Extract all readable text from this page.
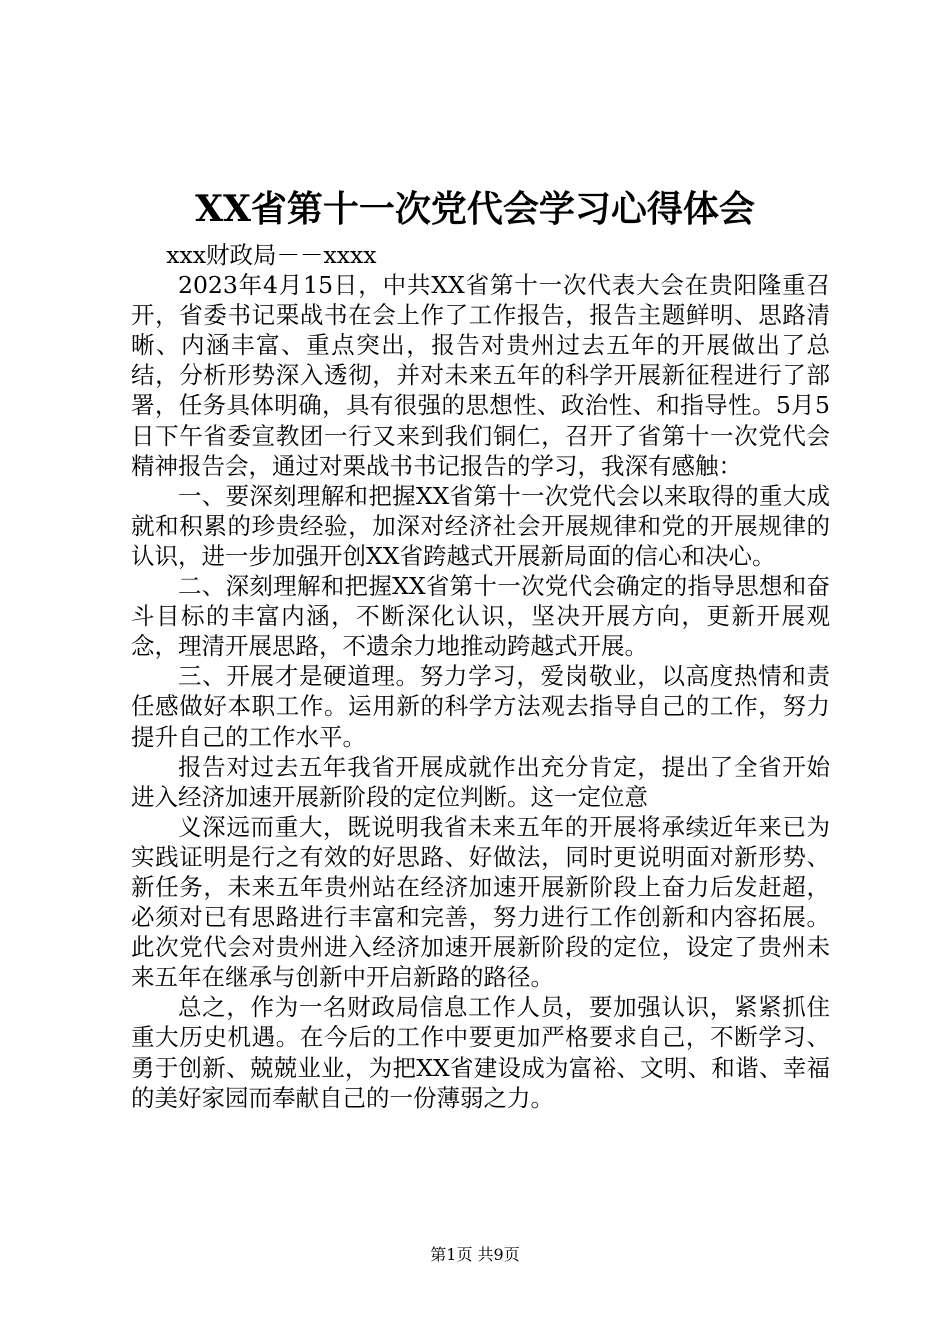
XX省第十一次党代会学习心得体会

xxx财政局－－xxxx

2023年4月15日，中共XX省第十一次代表大会在贵阳隆重召开，省委书记栗战书在会上作了工作报告，报告主题鲜明、思路清晰、内涵丰富、重点突出，报告对贵州过去五年的开展做出了总结，分析形势深入透彻，并对未来五年的科学开展新征程进行了部署，任务具体明确，具有很强的思想性、政治性、和指导性。5月5日下午省委宣教团一行又来到我们铜仁，召开了省第十一次党代会精神报告会，通过对栗战书书记报告的学习，我深有感触：

一、要深刻理解和把握XX省第十一次党代会以来取得的重大成就和积累的珍贵经验，加深对经济社会开展规律和党的开展规律的认识，进一步加强开创XX省跨越式开展新局面的信心和决心。

二、深刻理解和把握XX省第十一次党代会确定的指导思想和奋斗目标的丰富内涵，不断深化认识，坚决开展方向，更新开展观念，理清开展思路，不遗余力地推动跨越式开展。

三、开展才是硬道理。努力学习，爱岗敬业，以高度热情和责任感做好本职工作。运用新的科学方法观去指导自己的工作，努力提升自己的工作水平。

报告对过去五年我省开展成就作出充分肯定，提出了全省开始进入经济加速开展新阶段的定位判断。这一定位意

义深远而重大，既说明我省未来五年的开展将承续近年来已为实践证明是行之有效的好思路、好做法，同时更说明面对新形势、新任务，未来五年贵州站在经济加速开展新阶段上奋力后发赶超，必须对已有思路进行丰富和完善，努力进行工作创新和内容拓展。此次党代会对贵州进入经济加速开展新阶段的定位，设定了贵州未来五年在继承与创新中开启新路的路径。

总之，作为一名财政局信息工作人员，要加强认识，紧紧抓住重大历史机遇。在今后的工作中要更加严格要求自己，不断学习、勇于创新、兢兢业业，为把XX省建设成为富裕、文明、和谐、幸福的美好家园而奉献自己的一份薄弱之力。

第1页 共9页
